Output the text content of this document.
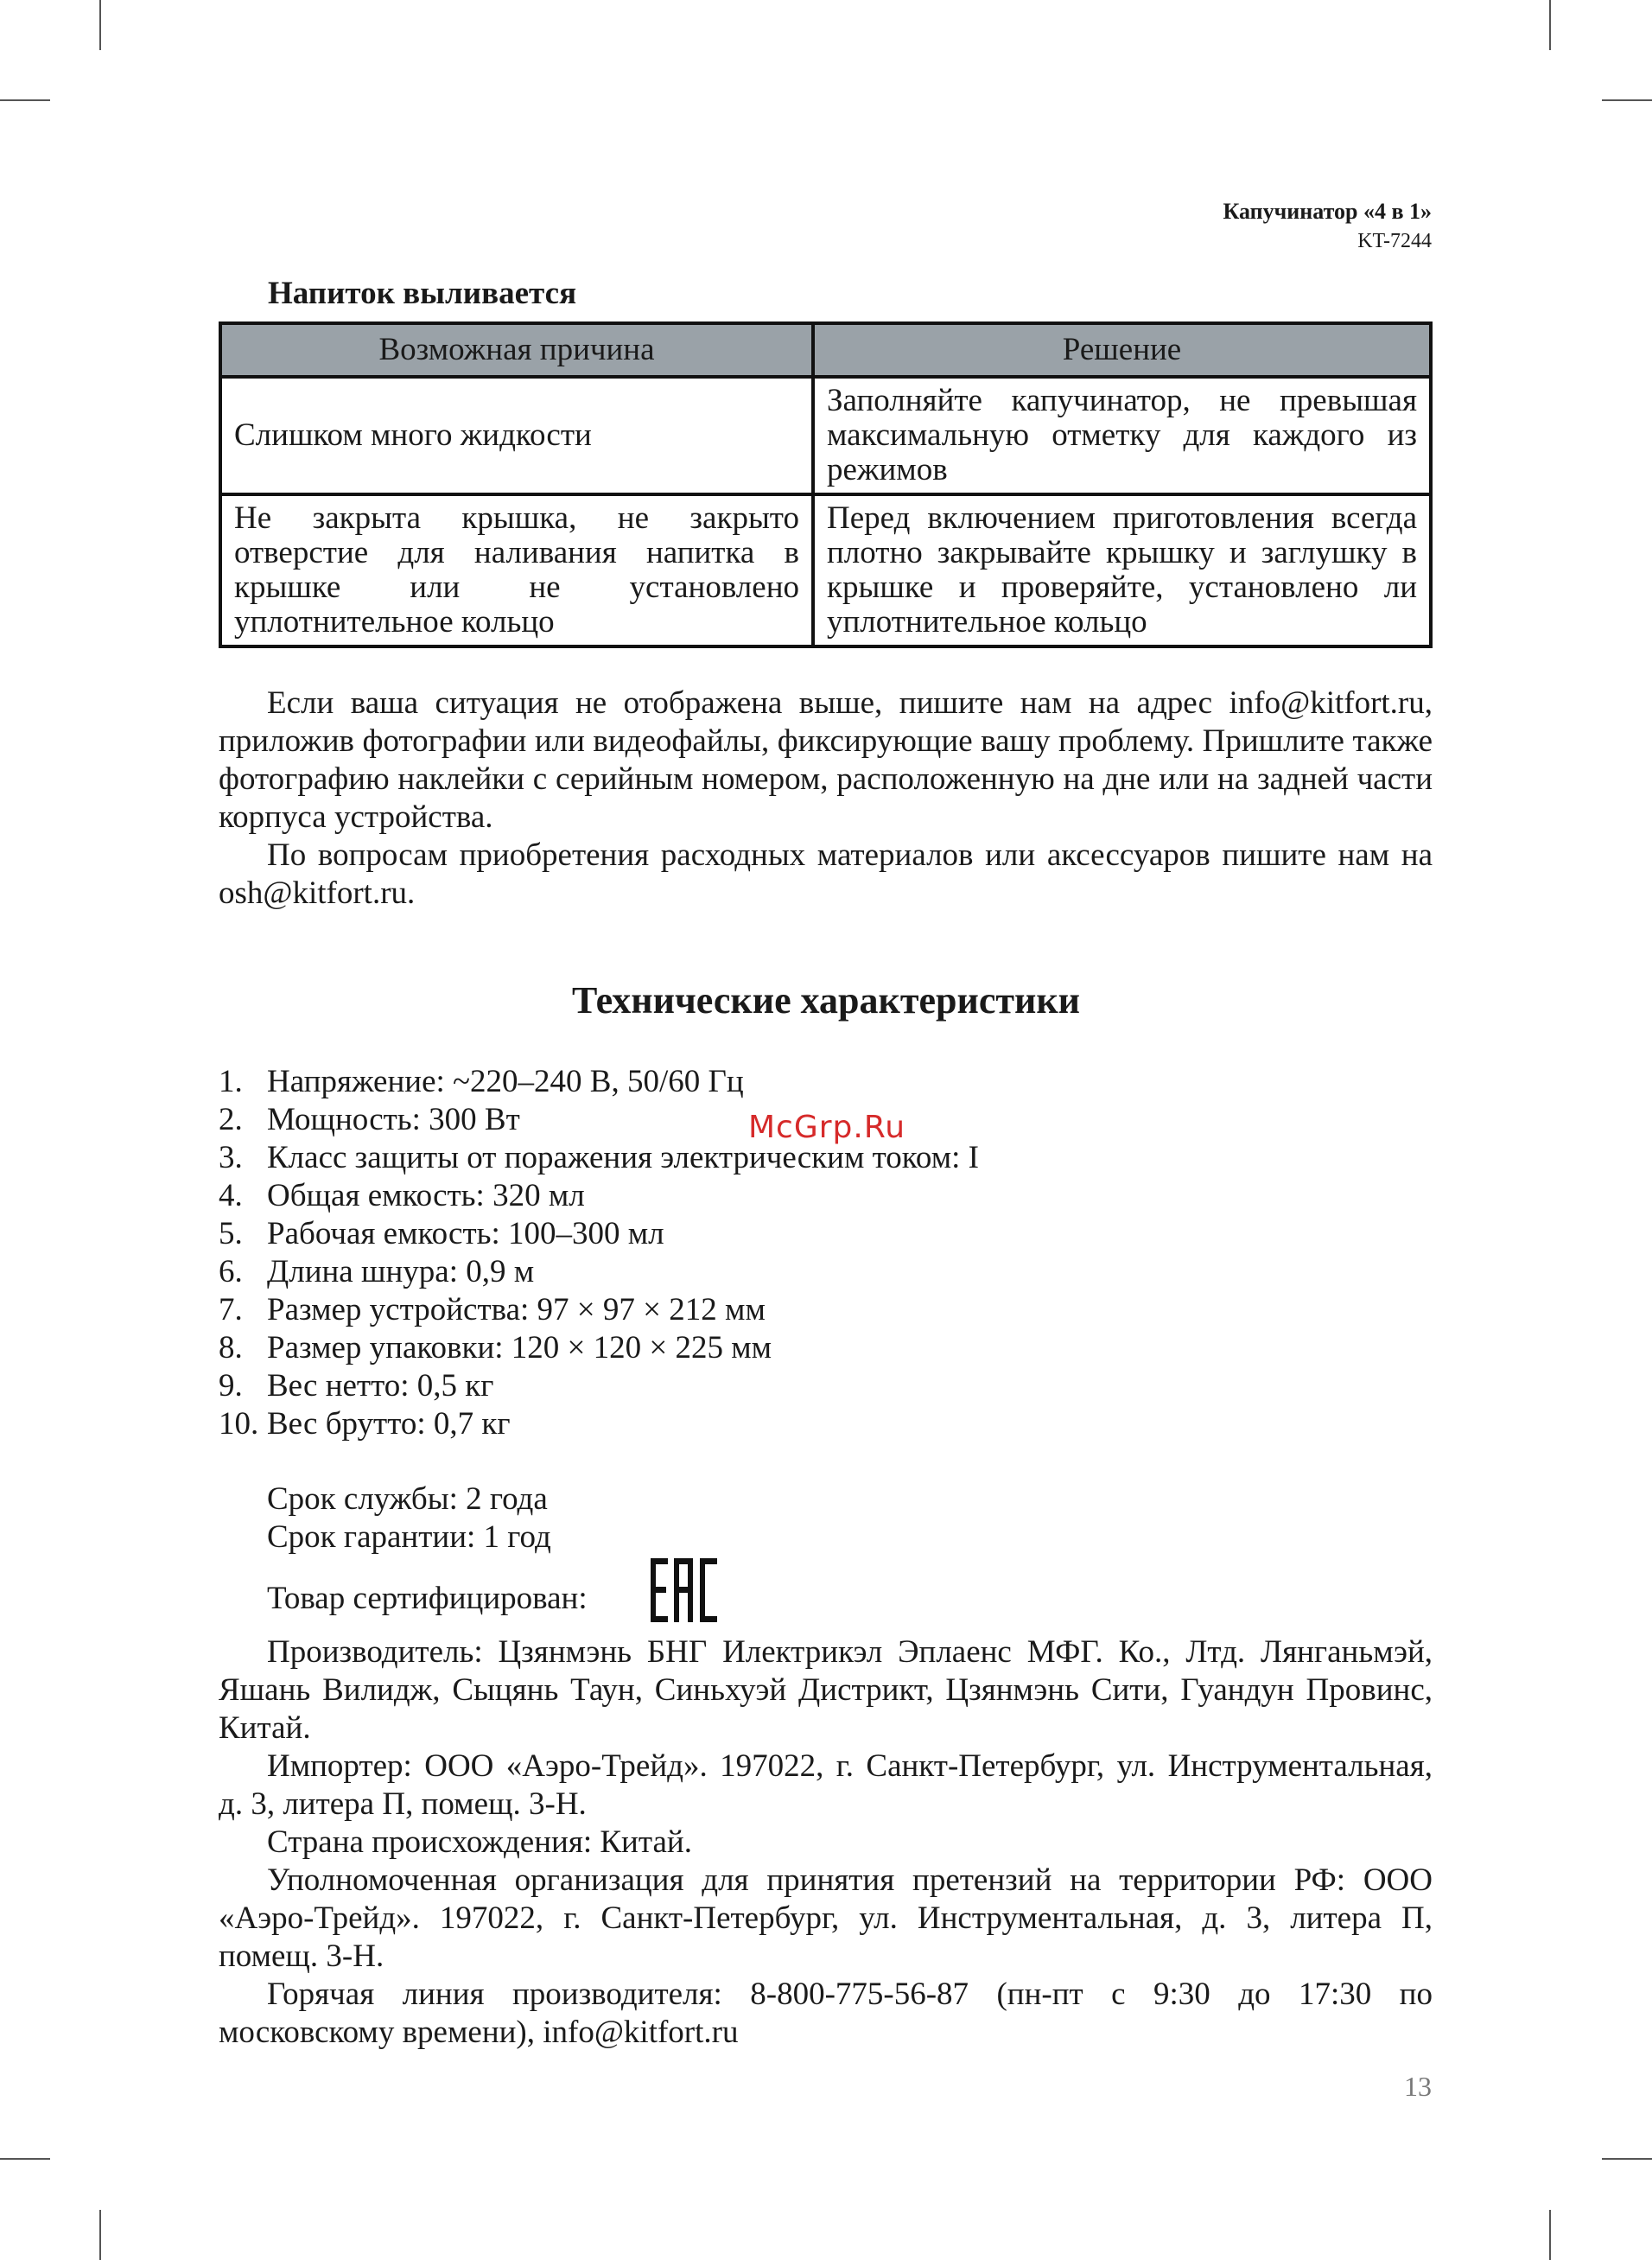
Капучинатор «4 в 1»
KT-7244
Напиток выливается
Возможная причина	Решение
Слишком много жидкости	Заполняйте капучинатор, не превышая максимальную отметку для каждого из режимов
Не закрыта крышка, не закрыто отверстие для наливания напитка в крышке или не установлено уплотнительное кольцо	Перед включением приготовления всегда плотно закрывайте крышку и заглушку в крышке и проверяйте, установлено ли уплотнительное кольцо

Если ваша ситуация не отображена выше, пишите нам на адрес info@kitfort.ru, приложив фотографии или видеофайлы, фиксирующие вашу проблему. Пришлите также фотографию наклейки с серийным номером, расположенную на дне или на задней части корпуса устройства.

По вопросам приобретения расходных материалов или аксессуаров пишите нам на osh@kitfort.ru.

Технические характеристики
1. Напряжение: ~220–240 В, 50/60 Гц
2. Мощность: 300 Вт
3. Класс защиты от поражения электрическим током: I
4. Общая емкость: 320 мл
5. Рабочая емкость: 100–300 мл
6. Длина шнура: 0,9 м
7. Размер устройства: 97 × 97 × 212 мм
8. Размер упаковки: 120 × 120 × 225 мм
9. Вес нетто: 0,5 кг
10. Вес брутто: 0,7 кг

Срок службы: 2 года

Срок гарантии: 1 год

Товар сертифицирован:

Производитель: Цзянмэнь БНГ Илектрикэл Эплаенс МФГ. Ко., Лтд. Лянганьмэй, Яшань Вилидж, Сыцянь Таун, Синьхуэй Дистрикт, Цзянмэнь Сити, Гуандун Провинс, Китай.

Импортер: ООО «Аэро-Трейд». 197022, г. Санкт-Петербург, ул. Инструментальная, д. 3, литера П, помещ. 3-Н.

Страна происхождения: Китай.

Уполномоченная организация для принятия претензий на территории РФ: ООО «Аэро-Трейд». 197022, г. Санкт-Петербург, ул. Инструментальная, д. 3, литера П, помещ. 3-Н.

Горячая линия производителя: 8-800-775-56-87 (пн-пт с 9:30 до 17:30 по московскому времени), info@kitfort.ru

McGrp.Ru
13
